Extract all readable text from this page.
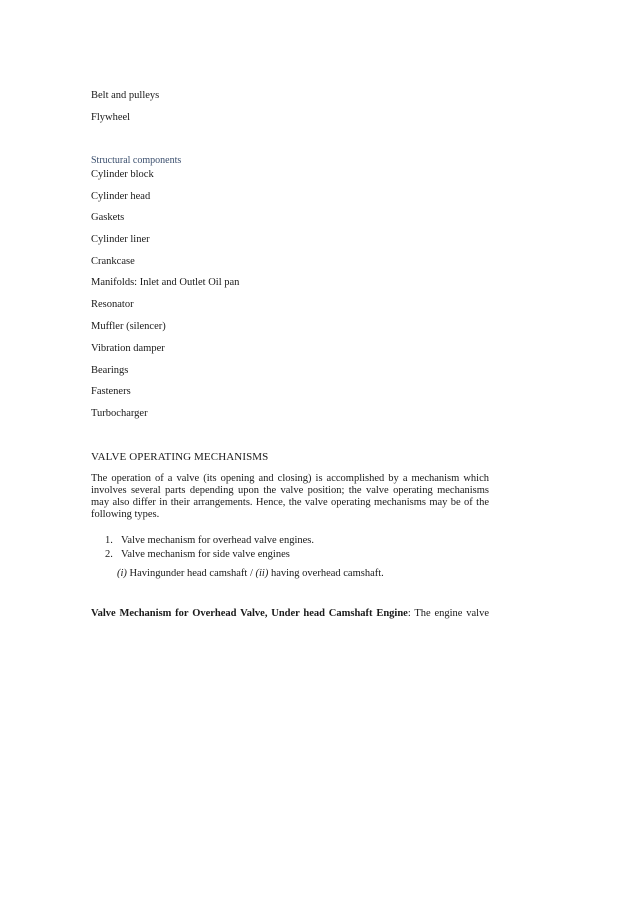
Belt and pulleys
Flywheel
Structural components
Cylinder block
Cylinder head
Gaskets
Cylinder liner
Crankcase
Manifolds: Inlet and Outlet Oil pan
Resonator
Muffler (silencer)
Vibration damper
Bearings
Fasteners
Turbocharger
VALVE OPERATING MECHANISMS
The operation of a valve (its opening and closing) is accomplished by a mechanism which involves several parts depending upon the valve position; the valve operating mechanisms may also differ in their arrangements. Hence, the valve operating mechanisms may be of the following types.
1. Valve mechanism for overhead valve engines.
2. Valve mechanism for side valve engines
(i) Havingunder head camshaft / (ii) having overhead camshaft.
Valve Mechanism for Overhead Valve, Under head Camshaft Engine: The engine valve
